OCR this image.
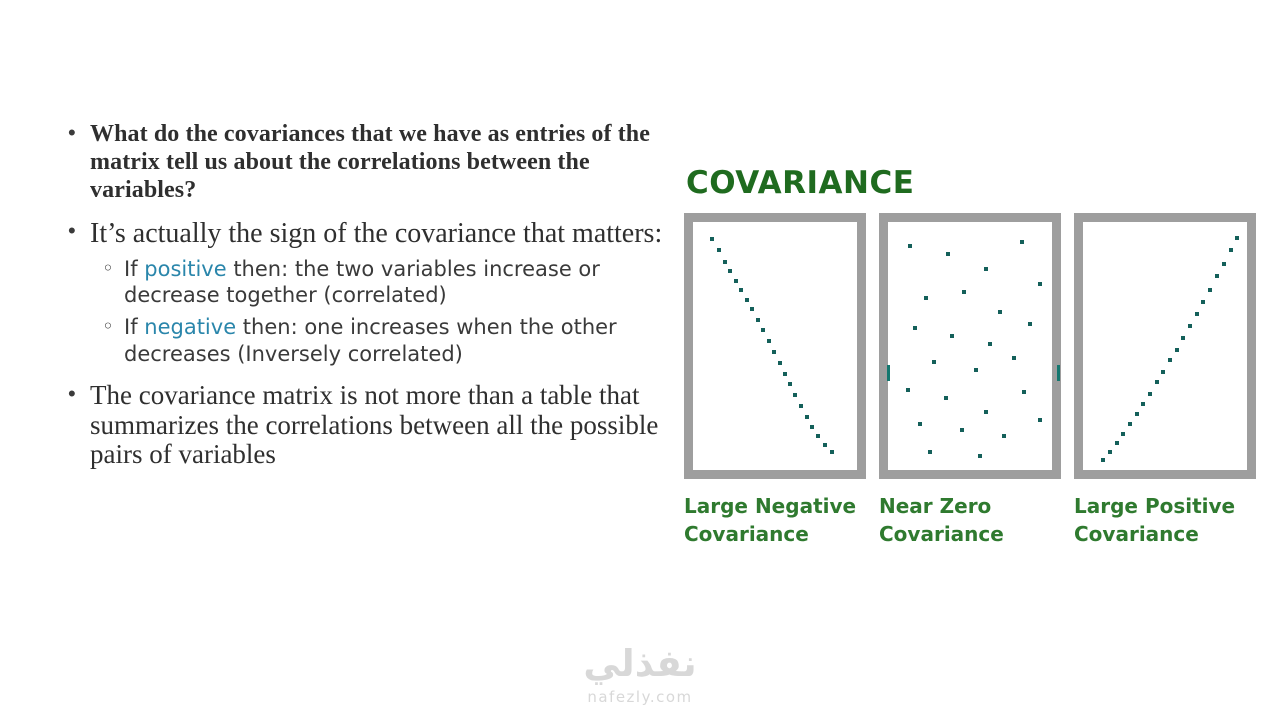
• What do the covariances that we have as entries of the matrix tell us about the correlations between the variables?
• It’s actually the sign of the covariance that matters:
◦ If positive then: the two variables increase or decrease together (correlated)
◦ If negative then: one increases when the other decreases (Inversely correlated)
• The covariance matrix is not more than a table that summarizes the correlations between all the possible pairs of variables
COVARIANCE
Large Negative
Covariance
Near Zero
Covariance
Large Positive
Covariance
نفذلي
nafezly.com
